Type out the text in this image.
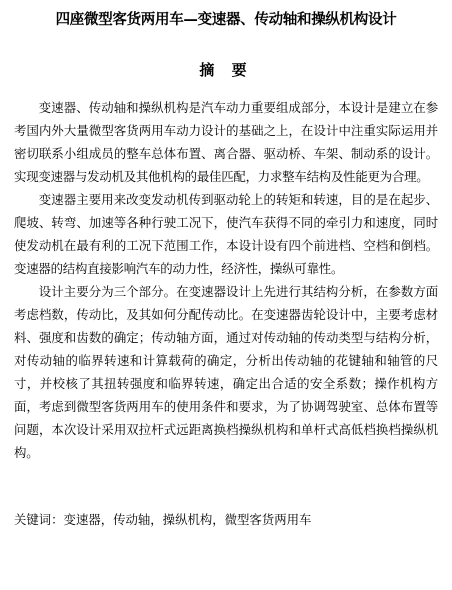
四座微型客货两用车—变速器、传动轴和操纵机构设计
摘 要

变速器、传动轴和操纵机构是汽车动力重要组成部分，本设计是建立在参考国内外大量微型客货两用车动力设计的基础之上，在设计中注重实际运用并密切联系小组成员的整车总体布置、离合器、驱动桥、车架、制动系的设计。实现变速器与发动机及其他机构的最佳匹配，力求整车结构及性能更为合理。

变速器主要用来改变发动机传到驱动轮上的转矩和转速，目的是在起步、爬坡、转弯、加速等各种行驶工况下，使汽车获得不同的牵引力和速度，同时使发动机在最有利的工况下范围工作，本设计设有四个前进档、空档和倒档。变速器的结构直接影响汽车的动力性，经济性，操纵可靠性。

设计主要分为三个部分。在变速器设计上先进行其结构分析，在参数方面考虑档数，传动比，及其如何分配传动比。在变速器齿轮设计中，主要考虑材料、强度和齿数的确定；传动轴方面，通过对传动轴的传动类型与结构分析，对传动轴的临界转速和计算载荷的确定，分析出传动轴的花键轴和轴管的尺寸，并校核了其扭转强度和临界转速，确定出合适的安全系数；操作机构方面，考虑到微型客货两用车的使用条件和要求，为了协调驾驶室、总体布置等问题，本次设计采用双拉杆式远距离换档操纵机构和单杆式高低档换档操纵机构。

关键词：变速器，传动轴，操纵机构，微型客货两用车
